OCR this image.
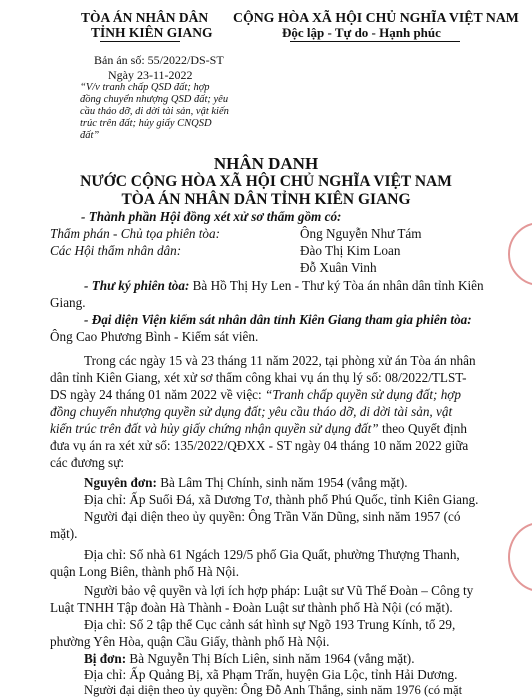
TÒA ÁN NHÂN DÂN
TỈNH KIÊN GIANG
CỘNG HÒA XÃ HỘI CHỦ NGHĨA VIỆT NAM
Độc lập - Tự do - Hạnh phúc
Bản án số: 55/2022/DS-ST
Ngày 23-11-2022
“V/v tranh chấp QSD đất; hợp đồng chuyển nhượng QSD đất; yêu cầu tháo dỡ, di dời tài sản, vật kiến trúc trên đất; hủy giấy CNQSD đất”
NHÂN DANH
NƯỚC CỘNG HÒA XÃ HỘI CHỦ NGHĨA VIỆT NAM
TÒA ÁN NHÂN DÂN TỈNH KIÊN GIANG
- Thành phần Hội đồng xét xử sơ thẩm gồm có:
Thẩm phán - Chủ tọa phiên tòa:	Ông Nguyễn Như Tám
Các Hội thẩm nhân dân:	Đào Thị Kim Loan
Đỗ Xuân Vinh
- Thư ký phiên tòa: Bà Hồ Thị Hy Len - Thư ký Tòa án nhân dân tỉnh Kiên
Giang.
- Đại diện Viện kiểm sát nhân dân tỉnh Kiên Giang tham gia phiên tòa:
Ông Cao Phương Bình - Kiểm sát viên.
Trong các ngày 15 và 23 tháng 11 năm 2022, tại phòng xử án Tòa án nhân
dân tỉnh Kiên Giang, xét xử sơ thẩm công khai vụ án thụ lý số: 08/2022/TLST-
DS ngày 24 tháng 01 năm 2022 về việc: “Tranh chấp quyền sử dụng đất; hợp
đồng chuyển nhượng quyền sử dụng đất; yêu cầu tháo dỡ, di dời tài sản, vật
kiến trúc trên đất và hủy giấy chứng nhận quyền sử dụng đất” theo Quyết định
đưa vụ án ra xét xử số: 135/2022/QĐXX - ST ngày 04 tháng 10 năm 2022 giữa
các đương sự:
Nguyên đơn: Bà Lâm Thị Chính, sinh năm 1954 (vắng mặt).
Địa chỉ: Ấp Suối Đá, xã Dương Tơ, thành phố Phú Quốc, tỉnh Kiên Giang.
Người đại diện theo ủy quyền: Ông Trần Văn Dũng, sinh năm 1957 (có
mặt).
Địa chỉ: Số nhà 61 Ngách 129/5 phố Gia Quất, phường Thượng Thanh,
quận Long Biên, thành phố Hà Nội.
Người bảo vệ quyền và lợi ích hợp pháp: Luật sư Vũ Thế Đoàn – Công ty
Luật TNHH Tập đoàn Hà Thành - Đoàn Luật sư thành phố Hà Nội (có mặt).
Địa chỉ: Số 2 tập thể Cục cảnh sát hình sự Ngõ 193 Trung Kính, tổ 29,
phường Yên Hòa, quận Cầu Giấy, thành phố Hà Nội.
Bị đơn: Bà Nguyễn Thị Bích Liên, sinh năm 1964 (vắng mặt).
Địa chỉ: Ấp Quảng Bị, xã Phạm Trấn, huyện Gia Lộc, tỉnh Hải Dương.
Người đại diện theo ủy quyền: Ông Đỗ Anh Thắng, sinh năm 1976 (có mặt
